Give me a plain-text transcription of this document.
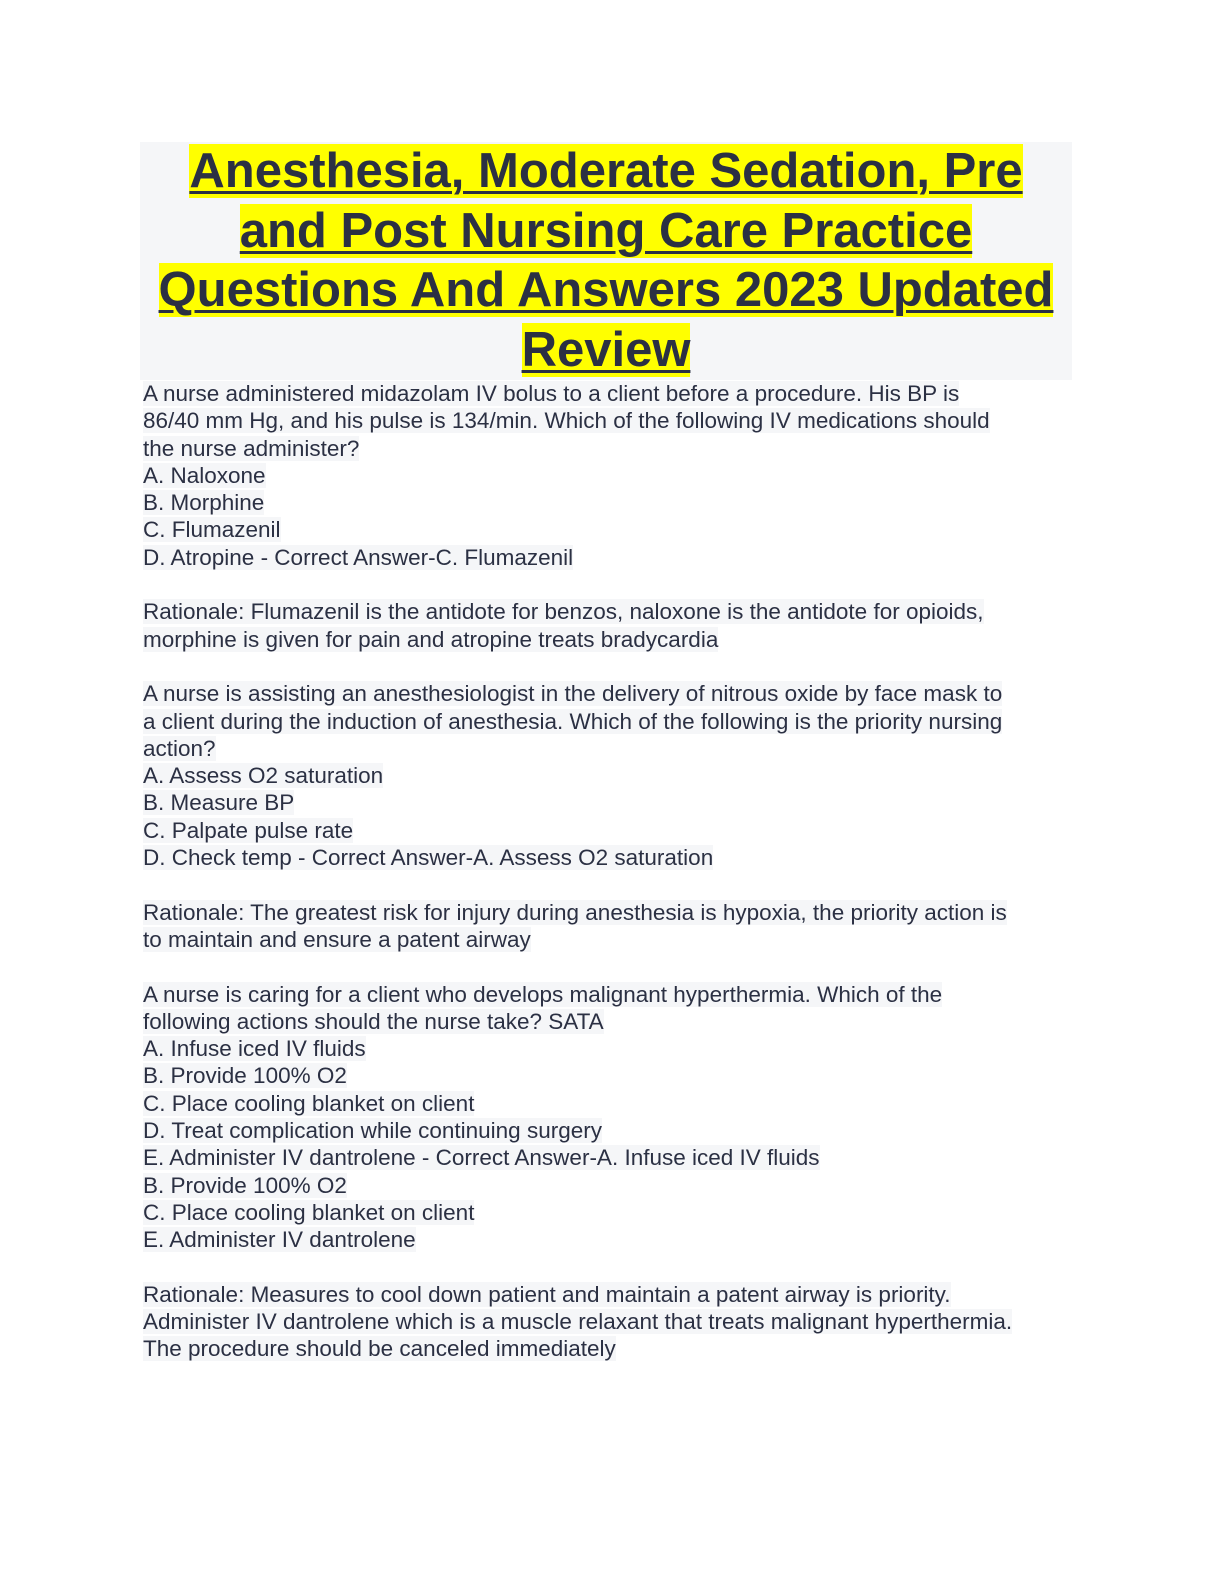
Anesthesia, Moderate Sedation, Pre and Post Nursing Care Practice Questions And Answers 2023 Updated Review
A nurse administered midazolam IV bolus to a client before a procedure. His BP is
86/40 mm Hg, and his pulse is 134/min. Which of the following IV medications should
the nurse administer?
A. Naloxone
B. Morphine
C. Flumazenil
D. Atropine - Correct Answer-C. Flumazenil
Rationale: Flumazenil is the antidote for benzos, naloxone is the antidote for opioids,
morphine is given for pain and atropine treats bradycardia
A nurse is assisting an anesthesiologist in the delivery of nitrous oxide by face mask to
a client during the induction of anesthesia. Which of the following is the priority nursing
action?
A. Assess O2 saturation
B. Measure BP
C. Palpate pulse rate
D. Check temp - Correct Answer-A. Assess O2 saturation
Rationale: The greatest risk for injury during anesthesia is hypoxia, the priority action is
to maintain and ensure a patent airway
A nurse is caring for a client who develops malignant hyperthermia. Which of the
following actions should the nurse take? SATA
A. Infuse iced IV fluids
B. Provide 100% O2
C. Place cooling blanket on client
D. Treat complication while continuing surgery
E. Administer IV dantrolene - Correct Answer-A. Infuse iced IV fluids
B. Provide 100% O2
C. Place cooling blanket on client
E. Administer IV dantrolene
Rationale: Measures to cool down patient and maintain a patent airway is priority.
Administer IV dantrolene which is a muscle relaxant that treats malignant hyperthermia.
The procedure should be canceled immediately
